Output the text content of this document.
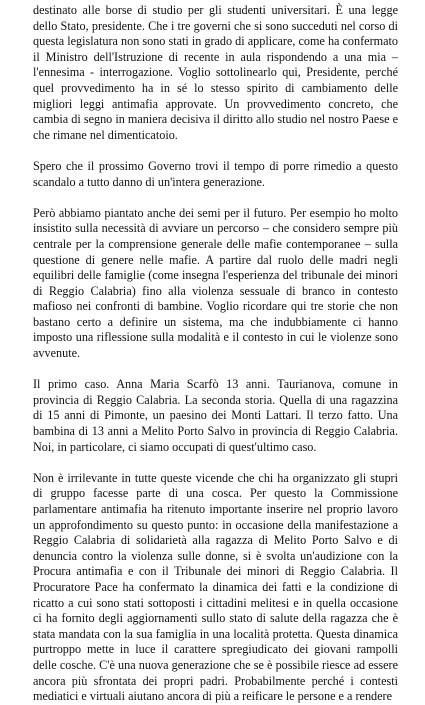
destinato alle borse di studio per gli studenti universitari. È una legge dello Stato, presidente. Che i tre governi che si sono succeduti nel corso di questa legislatura non sono stati in grado di applicare, come ha confermato il Ministro dell'Istruzione di recente in aula rispondendo a una mia – l'ennesima - interrogazione. Voglio sottolinearlo qui, Presidente, perché quel provvedimento ha in sé lo stesso spirito di cambiamento delle migliori leggi antimafia approvate. Un provvedimento concreto, che cambia di segno in maniera decisiva il diritto allo studio nel nostro Paese e che rimane nel dimenticatoio.

Spero che il prossimo Governo trovi il tempo di porre rimedio a questo scandalo a tutto danno di un'intera generazione.

Però abbiamo piantato anche dei semi per il futuro. Per esempio ho molto insistito sulla necessità di avviare un percorso – che considero sempre più centrale per la comprensione generale delle mafie contemporanee – sulla questione di genere nelle mafie. A partire dal ruolo delle madri negli equilibri delle famiglie (come insegna l'esperienza del tribunale dei minori di Reggio Calabria) fino alla violenza sessuale di branco in contesto mafioso nei confronti di bambine. Voglio ricordare qui tre storie che non bastano certo a definire un sistema, ma che indubbiamente ci hanno imposto una riflessione sulla modalità e il contesto in cui le violenze sono avvenute.

Il primo caso. Anna Maria Scarfò 13 anni. Taurianova, comune in provincia di Reggio Calabria. La seconda storia. Quella di una ragazzina di 15 anni di Pimonte, un paesino dei Monti Lattari. Il terzo fatto. Una bambina di 13 anni a Melito Porto Salvo in provincia di Reggio Calabria. Noi, in particolare, ci siamo occupati di quest'ultimo caso.

Non è irrilevante in tutte queste vicende che chi ha organizzato gli stupri di gruppo facesse parte di una cosca. Per questo la Commissione parlamentare antimafia ha ritenuto importante inserire nel proprio lavoro un approfondimento su questo punto: in occasione della manifestazione a Reggio Calabria di solidarietà alla ragazza di Melito Porto Salvo e di denuncia contro la violenza sulle donne, si è svolta un'audizione con la Procura antimafia e con il Tribunale dei minori di Reggio Calabria. Il Procuratore Pace ha confermato la dinamica dei fatti e la condizione di ricatto a cui sono stati sottoposti i cittadini melitesi e in quella occasione ci ha fornito degli aggiornamenti sullo stato di salute della ragazza che è stata mandata con la sua famiglia in una località protetta. Questa dinamica purtroppo mette in luce il carattere spregiudicato dei giovani rampolli delle cosche. C'è una nuova generazione che se è possibile riesce ad essere ancora più sfrontata dei propri padri. Probabilmente perché i contesti mediatici e virtuali aiutano ancora di più a reificare le persone e a rendere
